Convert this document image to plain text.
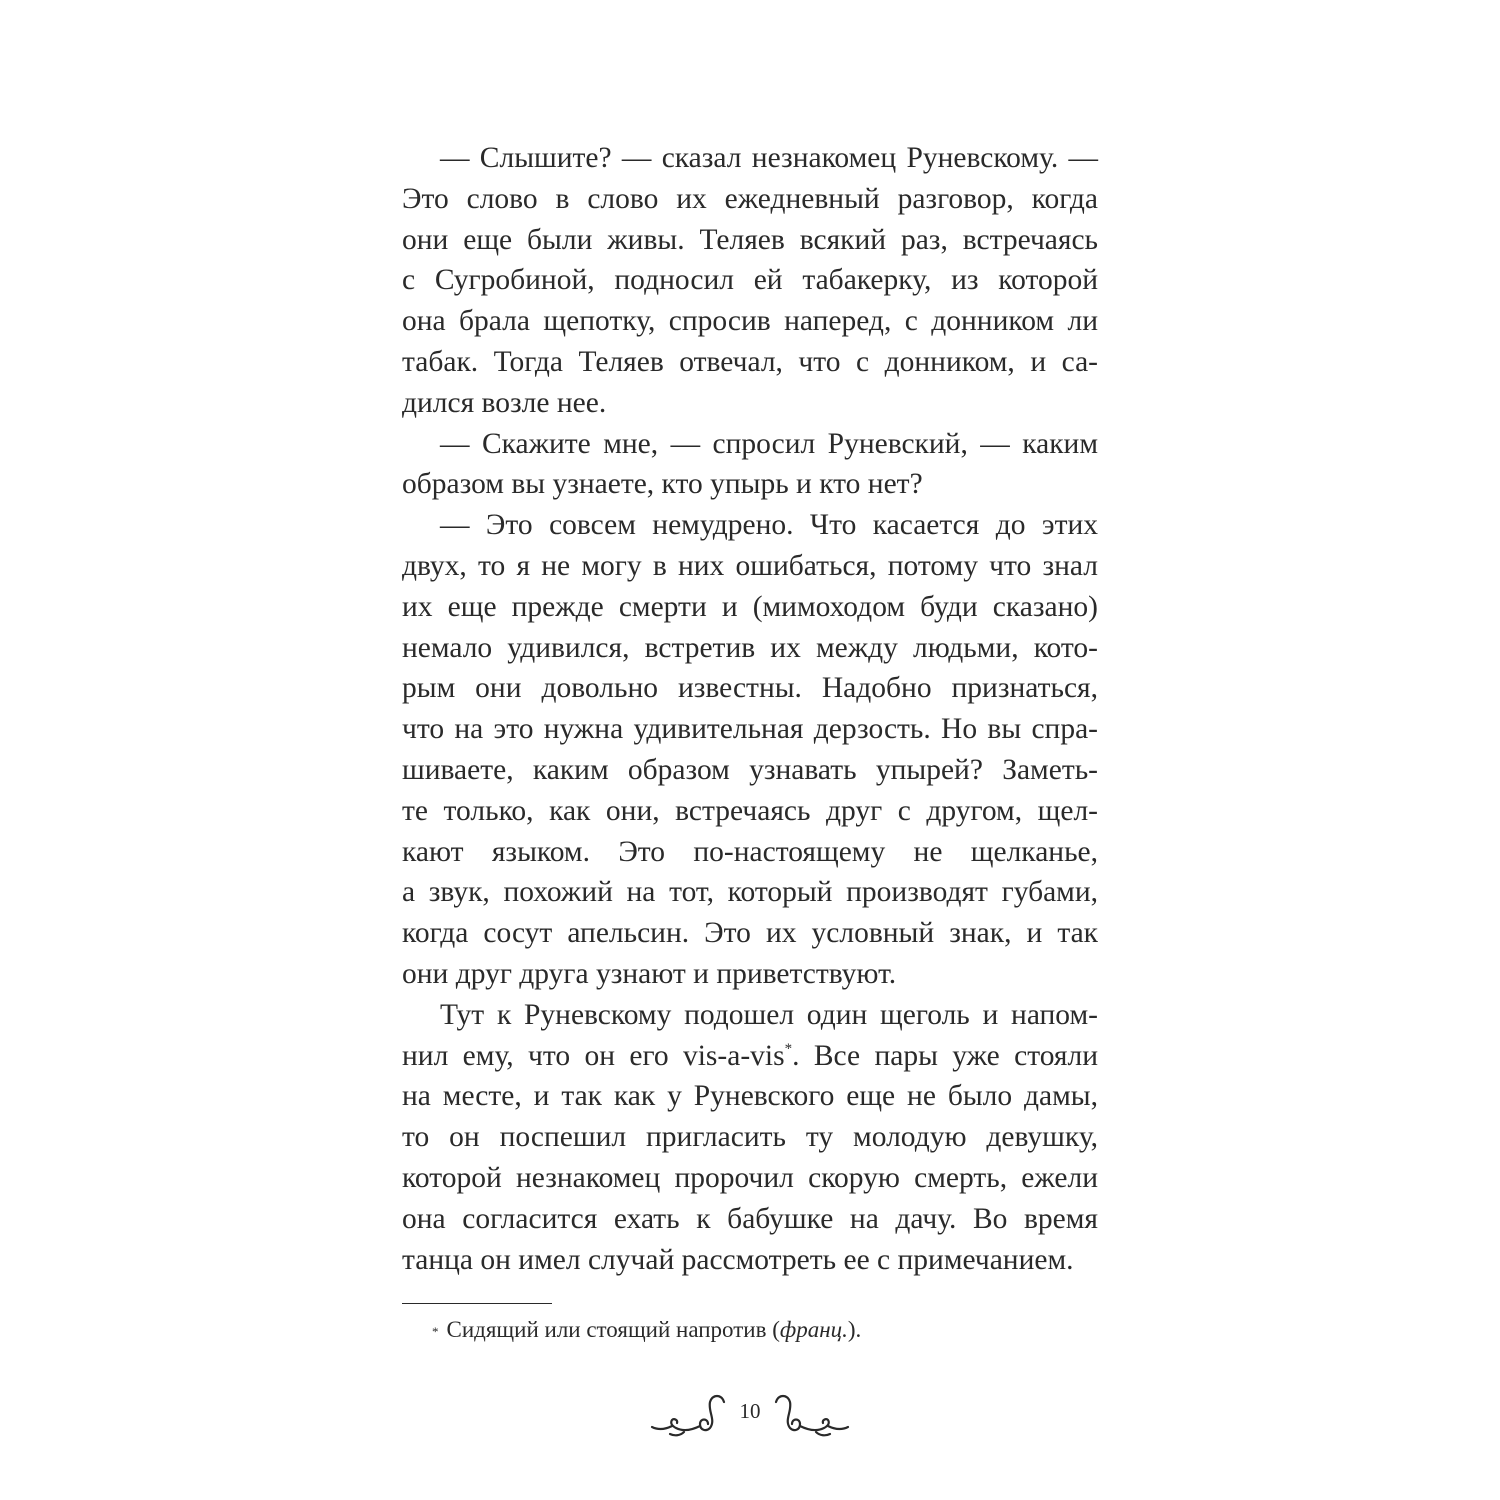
— Слышите? — сказал незнакомец Руневскому. —
Это слово в слово их ежедневный разговор, когда
они еще были живы. Теляев всякий раз, встречаясь
с Сугробиной, подносил ей табакерку, из которой
она брала щепотку, спросив наперед, с донником ли
табак. Тогда Теляев отвечал, что с донником, и са-
дился возле нее.
— Скажите мне, — спросил Руневский, — каким
образом вы узнаете, кто упырь и кто нет?
— Это совсем немудрено. Что касается до этих
двух, то я не могу в них ошибаться, потому что знал
их еще прежде смерти и (мимоходом буди сказано)
немало удивился, встретив их между людьми, кото-
рым они довольно известны. Надобно признаться,
что на это нужна удивительная дерзость. Но вы спра-
шиваете, каким образом узнавать упырей? Заметь-
те только, как они, встречаясь друг с другом, щел-
кают языком. Это по-настоящему не щелканье,
а звук, похожий на тот, который производят губами,
когда сосут апельсин. Это их условный знак, и так
они друг друга узнают и приветствуют.
Тут к Руневскому подошел один щеголь и напом-
нил ему, что он его vis-a-vis*. Все пары уже стояли
на месте, и так как у Руневского еще не было дамы,
то он поспешил пригласить ту молодую девушку,
которой незнакомец пророчил скорую смерть, ежели
она согласится ехать к бабушке на дачу. Во время
танца он имел случай рассмотреть ее с примечанием.
* Сидящий или стоящий напротив (франц.).
10
